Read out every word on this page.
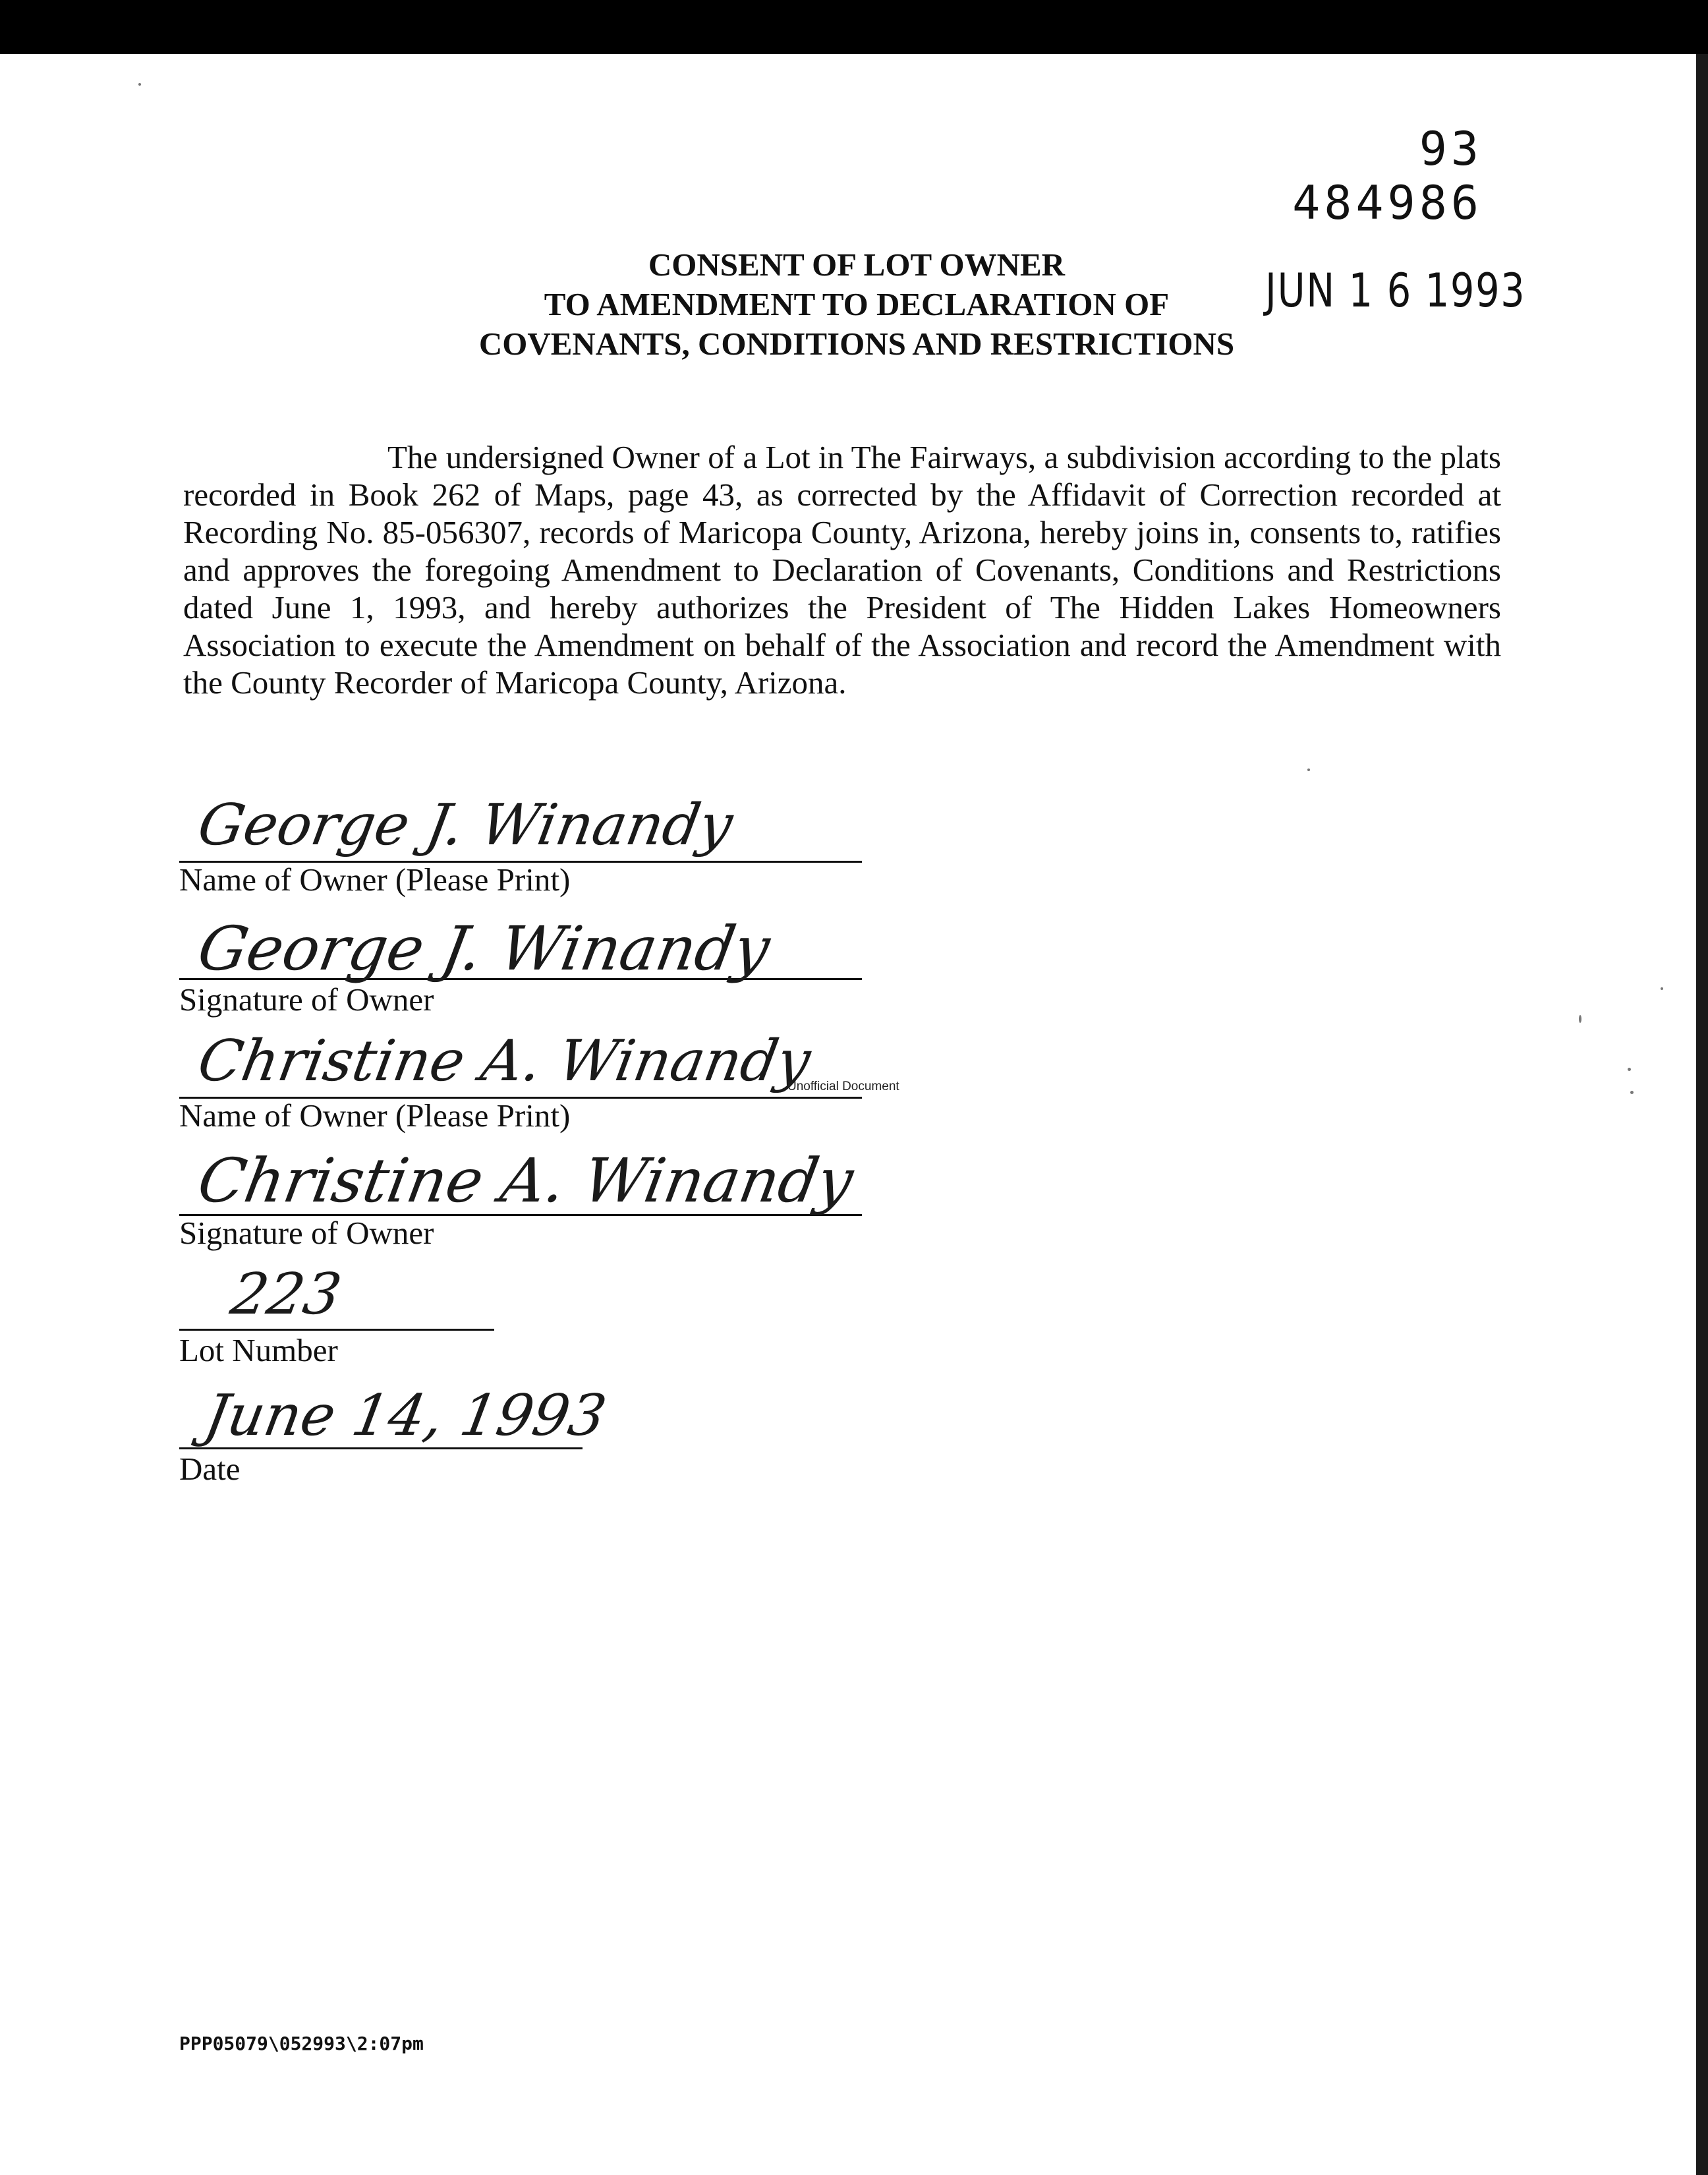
93 484986
JUN 1 6 1993
CONSENT OF LOT OWNER
TO AMENDMENT TO DECLARATION OF
COVENANTS, CONDITIONS AND RESTRICTIONS
The undersigned Owner of a Lot in The Fairways, a subdivision according to the plats recorded in Book 262 of Maps, page 43, as corrected by the Affidavit of Correction recorded at Recording No. 85-056307, records of Maricopa County, Arizona, hereby joins in, consents to, ratifies and approves the foregoing Amendment to Declaration of Covenants, Conditions and Restrictions dated June 1, 1993, and hereby authorizes the President of The Hidden Lakes Homeowners Association to execute the Amendment on behalf of the Association and record the Amendment with the County Recorder of Maricopa County, Arizona.
George J. Winandy
Name of Owner (Please Print)
George J. Winandy
Signature of Owner
Christine A. Winandy
Name of Owner (Please Print)
Christine A. Winandy
Signature of Owner
223
Lot Number
June 14, 1993
Date
Unofficial Document
PPP05079\052993\2:07pm
